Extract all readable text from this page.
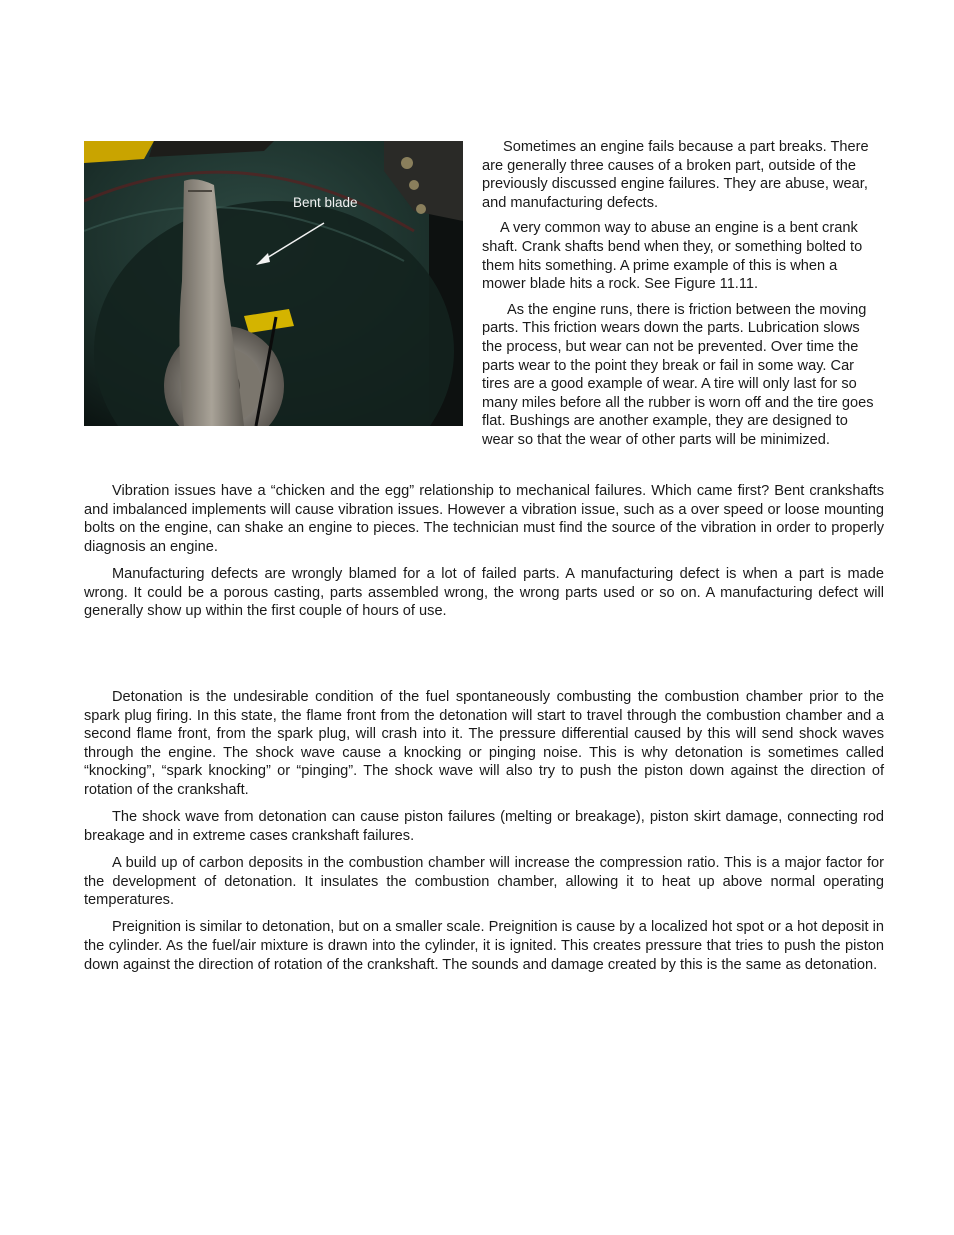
Bent blade

Sometimes an engine fails because a part breaks. There are generally three causes of a broken part, outside of the previously discussed engine failures. They are abuse, wear, and manufacturing defects.

A very common way to abuse an engine is a bent crank shaft. Crank shafts bend when they, or something bolted to them hits something. A prime example of this is when a mower blade hits a rock. See Figure 11.11.

As the engine runs, there is friction between the moving parts. This friction wears down the parts. Lubrication slows the process, but wear can not be prevented. Over time the parts wear to the point they break or fail in some way. Car tires are a good example of wear. A tire will only last for so many miles before all the rubber is worn off and the tire goes flat. Bushings are another example, they are designed to wear so that the wear of other parts will be minimized.

Vibration issues have a “chicken and the egg” relationship to mechanical failures. Which came first? Bent crankshafts and imbalanced implements will cause vibration issues. However a vibration issue, such as a over speed or loose mounting bolts on the engine, can shake an engine to pieces. The technician must find the source of the vibration in order to properly diagnosis an engine.

Manufacturing defects are wrongly blamed for a lot of failed parts. A manufacturing defect is when a part is made wrong. It could be a porous casting, parts assembled wrong, the wrong parts used or so on. A manufacturing defect will generally show up within the first couple of hours of use.

Detonation is the undesirable condition of the fuel spontaneously combusting the combustion chamber prior to the spark plug firing. In this state, the flame front from the detonation will start to travel through the combustion chamber and a second flame front, from the spark plug, will crash into it. The pressure differential caused by this will send shock waves through the engine. The shock wave cause a knocking or pinging noise. This is why detonation is sometimes called “knocking”, “spark knocking” or “pinging”. The shock wave will also try to push the piston down against the direction of rotation of the crankshaft.

The shock wave from detonation can cause piston failures (melting or breakage), piston skirt damage, connecting rod breakage and in extreme cases crankshaft failures.

A build up of carbon deposits in the combustion chamber will increase the compression ratio. This is a major factor for the development of detonation. It insulates the combustion chamber, allowing it to heat up above normal operating temperatures.

Preignition is similar to detonation, but on a smaller scale. Preignition is cause by a localized hot spot or a hot deposit in the cylinder. As the fuel/air mixture is drawn into the cylinder, it is ignited. This creates pressure that tries to push the piston down against the direction of rotation of the crankshaft. The sounds and damage created by this is the same as detonation.
